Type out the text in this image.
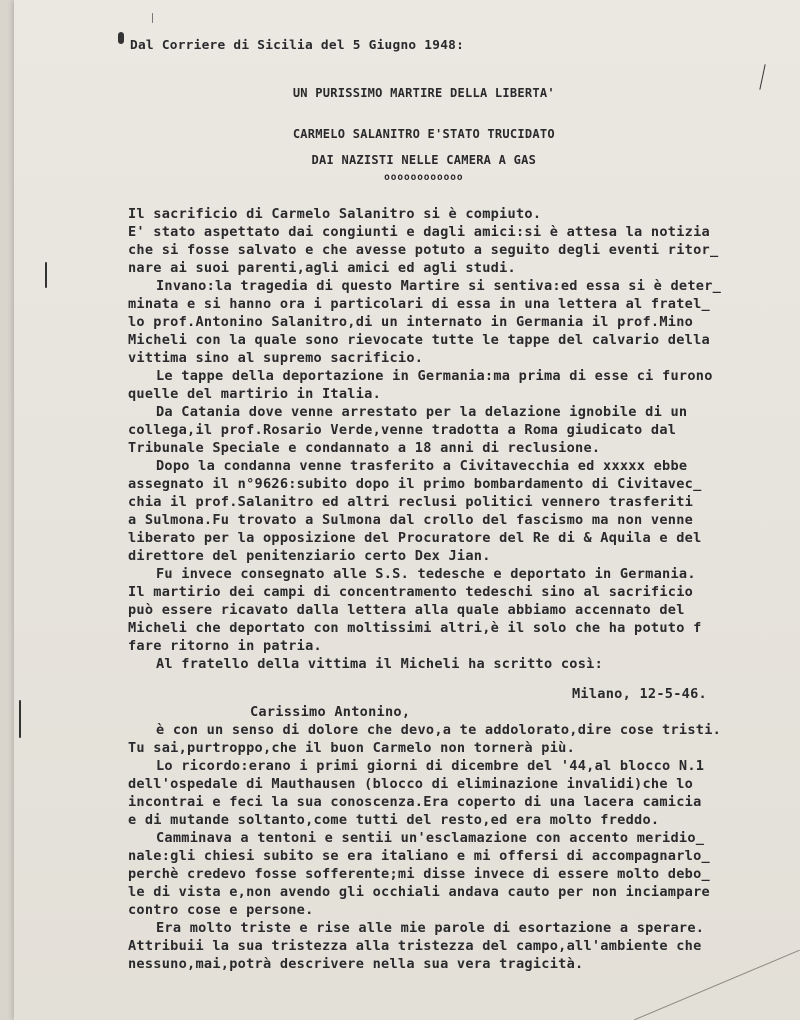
Dal Corriere di Sicilia del 5 Giugno 1948:
UN PURISSIMO MARTIRE DELLA LIBERTA'
CARMELO SALANITRO E'STATO TRUCIDATO
DAI NAZISTI NELLE CAMERA A GAS
oooooooooooo
Il sacrificio di Carmelo Salanitro si è compiuto.
E' stato aspettato dai congiunti e dagli amici:si è attesa la notizia
che si fosse salvato e che avesse potuto a seguito degli eventi ritor_
nare ai suoi parenti,agli amici ed agli studi.
Invano:la tragedia di questo Martire si sentiva:ed essa si è deter_
minata e si hanno ora i particolari di essa in una lettera al fratel_
lo prof.Antonino Salanitro,di un internato in Germania il prof.Mino
Micheli con la quale sono rievocate tutte le tappe del calvario della
vittima sino al supremo sacrificio.
Le tappe della deportazione in Germania:ma prima di esse ci furono
quelle del martirio in Italia.
Da Catania dove venne arrestato per la delazione ignobile di un
collega,il prof.Rosario Verde,venne tradotta a Roma giudicato dal
Tribunale Speciale e condannato a 18 anni di reclusione.
Dopo la condanna venne trasferito a Civitavecchia ed xxxxx ebbe
assegnato il n°9626:subito dopo il primo bombardamento di Civitavec_
chia il prof.Salanitro ed altri reclusi politici vennero trasferiti
a Sulmona.Fu trovato a Sulmona dal crollo del fascismo ma non venne
liberato per la opposizione del Procuratore del Re di & Aquila e del
direttore del penitenziario certo Dex Jian.
Fu invece consegnato alle S.S. tedesche e deportato in Germania.
Il martirio dei campi di concentramento tedeschi sino al sacrificio
può essere ricavato dalla lettera alla quale abbiamo accennato del
Micheli che deportato con moltissimi altri,è il solo che ha potuto f
fare ritorno in patria.
Al fratello della vittima il Micheli ha scritto così:
Milano, 12-5-46.
Carissimo Antonino,
è con un senso di dolore che devo,a te addolorato,dire cose tristi.
Tu sai,purtroppo,che il buon Carmelo non tornerà più.
Lo ricordo:erano i primi giorni di dicembre del '44,al blocco N.1
dell'ospedale di Mauthausen (blocco di eliminazione invalidi)che lo
incontrai e feci la sua conoscenza.Era coperto di una lacera camicia
e di mutande soltanto,come tutti del resto,ed era molto freddo.
Camminava a tentoni e sentii un'esclamazione con accento meridio_
nale:gli chiesi subito se era italiano e mi offersi di accompagnarlo_
perchè credevo fosse sofferente;mi disse invece di essere molto debo_
le di vista e,non avendo gli occhiali andava cauto per non inciampare
contro cose e persone.
Era molto triste e rise alle mie parole di esortazione a sperare.
Attribuii la sua tristezza alla tristezza del campo,all'ambiente che
nessuno,mai,potrà descrivere nella sua vera tragicità.
